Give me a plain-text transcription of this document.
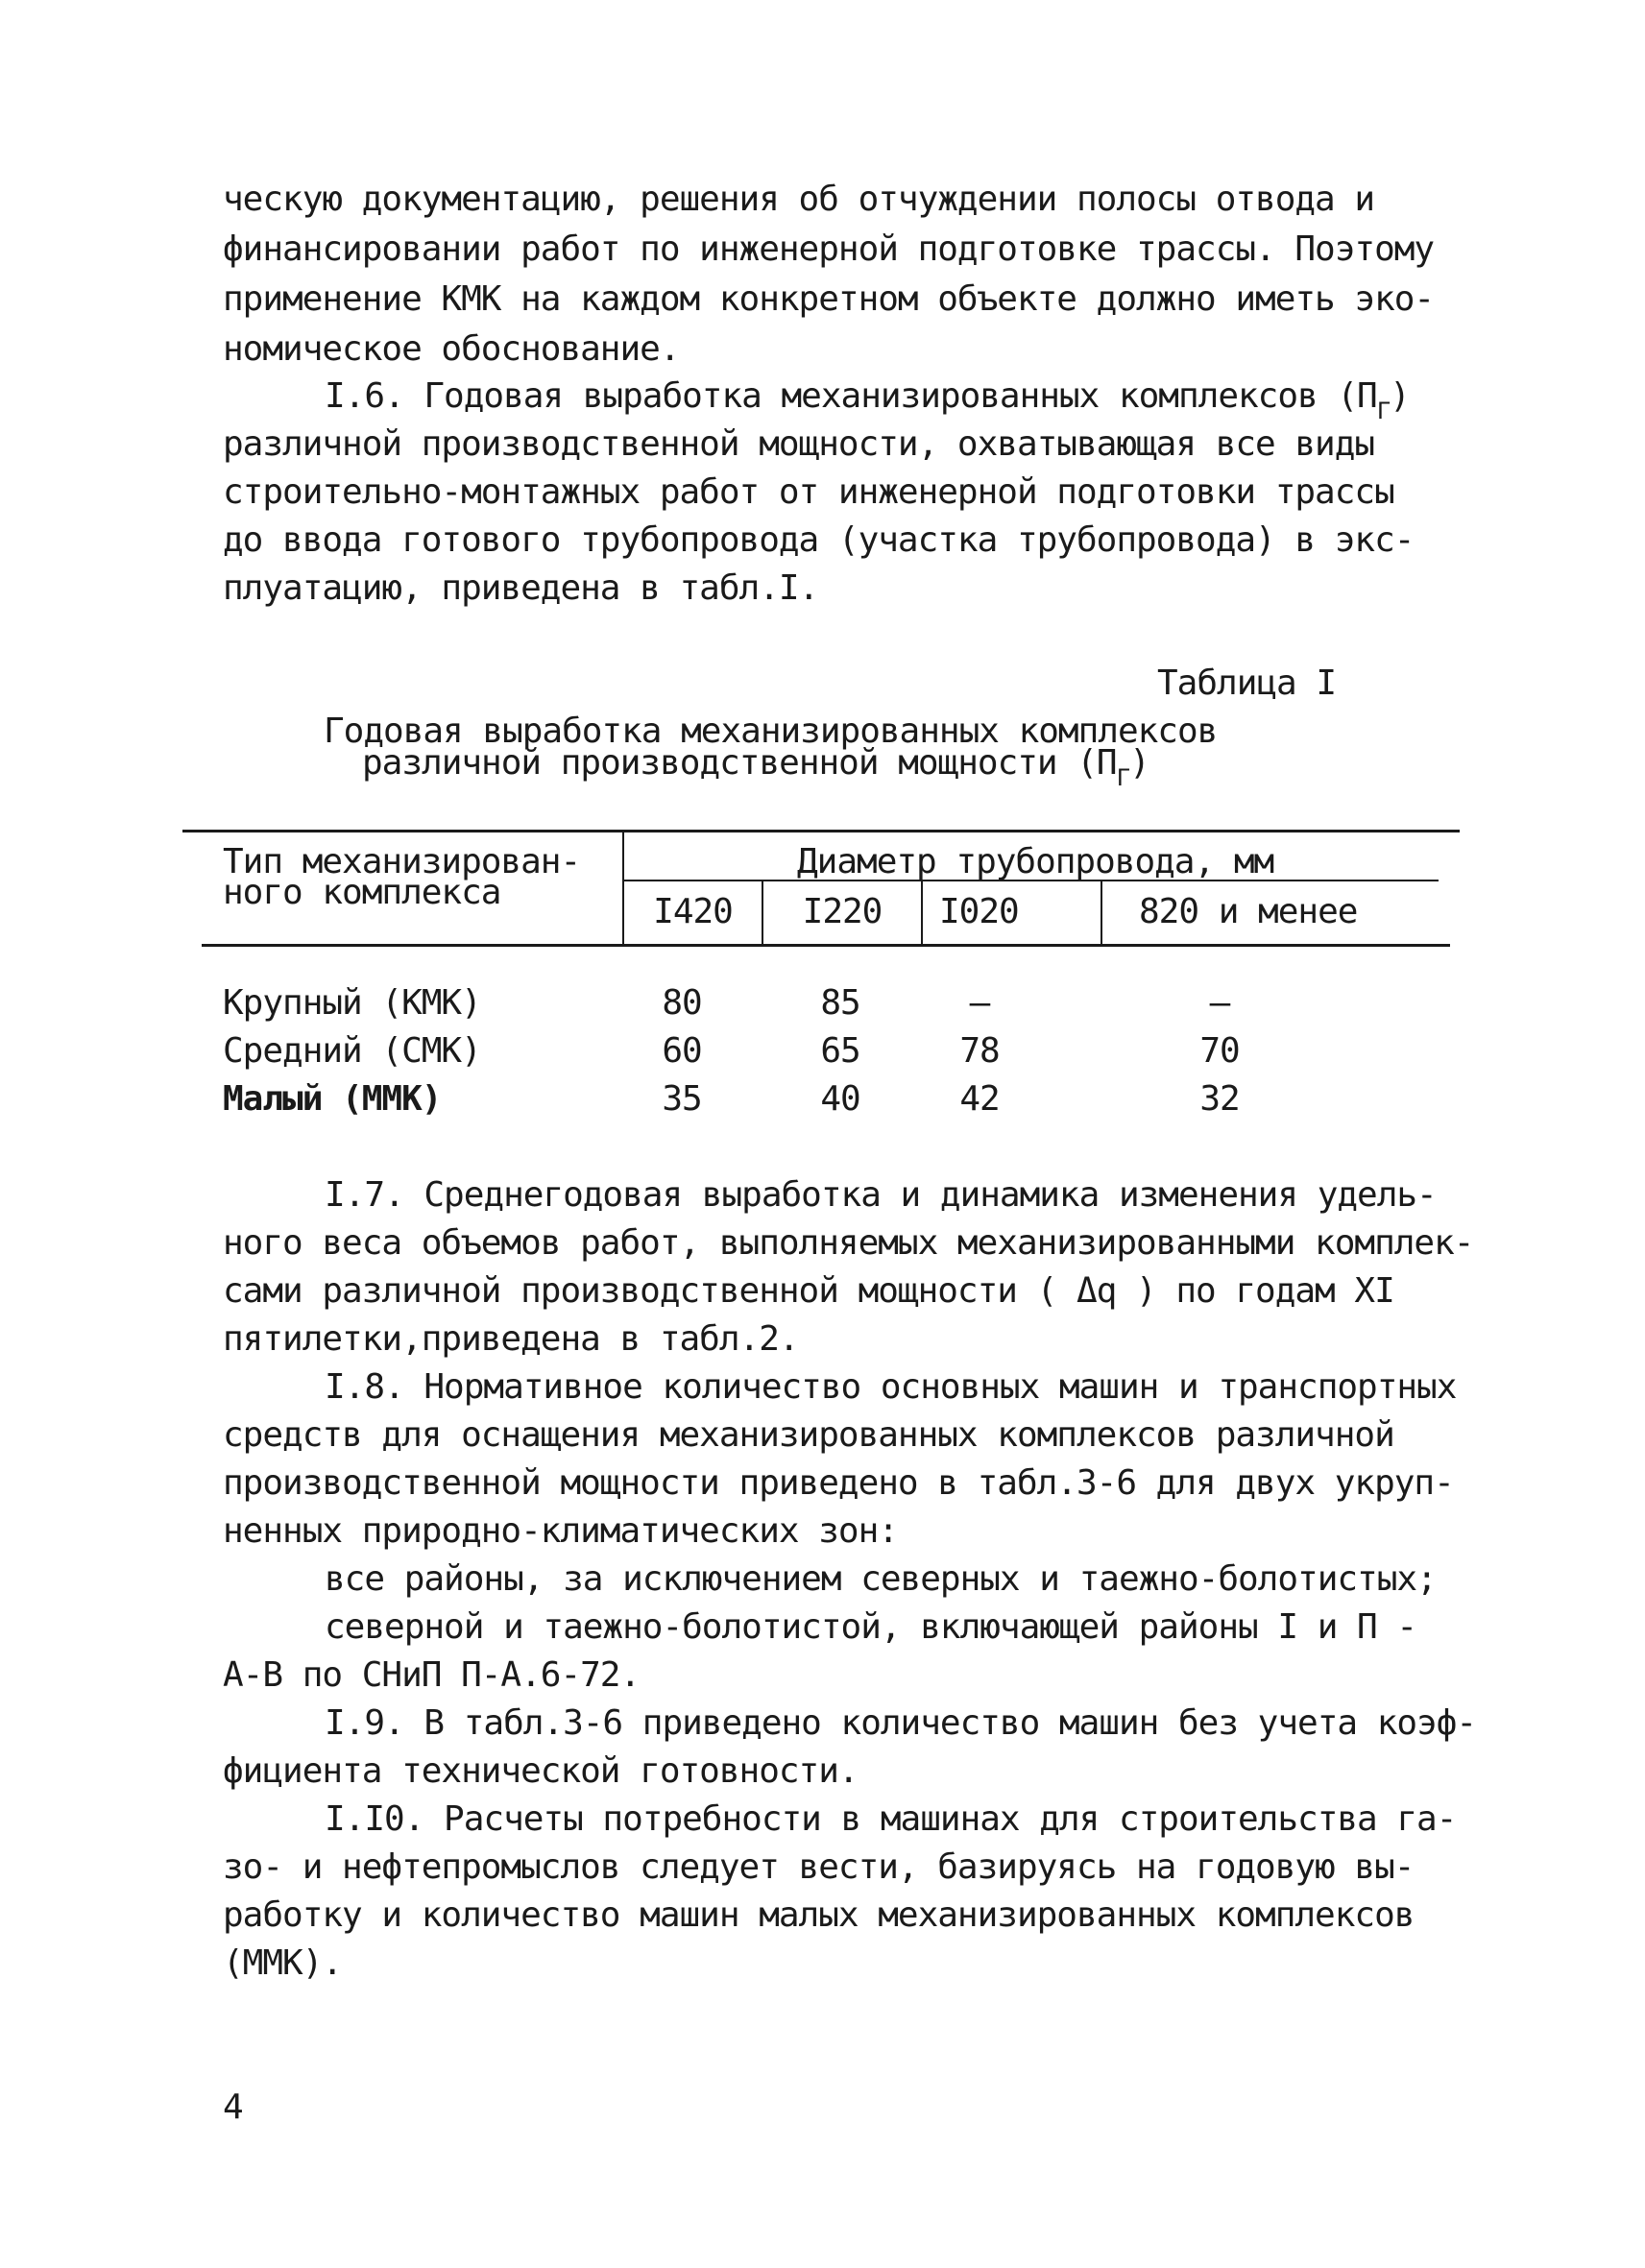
ческую документацию, решения об отчуждении полосы отвода и
финансировании работ по инженерной подготовке трассы. Поэтому
применение КМК на каждом конкретном объекте должно иметь эко-
номическое обоснование.
I.6. Годовая выработка механизированных комплексов $(П_Г)$
различной производственной мощности, охватывающая все виды
строительно-монтажных работ от инженерной подготовки трассы
до ввода готового трубопровода (участка трубопровода) в экс-
плуатацию, приведена в табл.I.
Таблица I
Годовая выработка механизированных комплексов
различной производственной мощности $(П_Г)$
Тип механизирован-
ного комплекса
Диаметр трубопровода, мм
I420	I220	I020	820 и менее
Крупный (КМК)	80	85	–	–
Средний (СМК)	60	65	78	70
Малый (ММК)	35	40	42	32
I.7. Среднегодовая выработка и динамика изменения удель-
ного веса объемов работ, выполняемых механизированными комплек-
сами различной производственной мощности ( Δq ) по годам XI
пятилетки,приведена в табл.2.
I.8. Нормативное количество основных машин и транспортных
средств для оснащения механизированных комплексов различной
производственной мощности приведено в табл.3-6 для двух укруп-
ненных природно-климатических зон:
все районы, за исключением северных и таежно-болотистых;
северной и таежно-болотистой, включающей районы I и П -
А-В по СНиП П-А.6-72.
I.9. В табл.3-6 приведено количество машин без учета коэф-
фициента технической готовности.
I.I0. Расчеты потребности в машинах для строительства га-
зо- и нефтепромыслов следует вести, базируясь на годовую вы-
работку и количество машин малых механизированных комплексов
(ММК).
4
